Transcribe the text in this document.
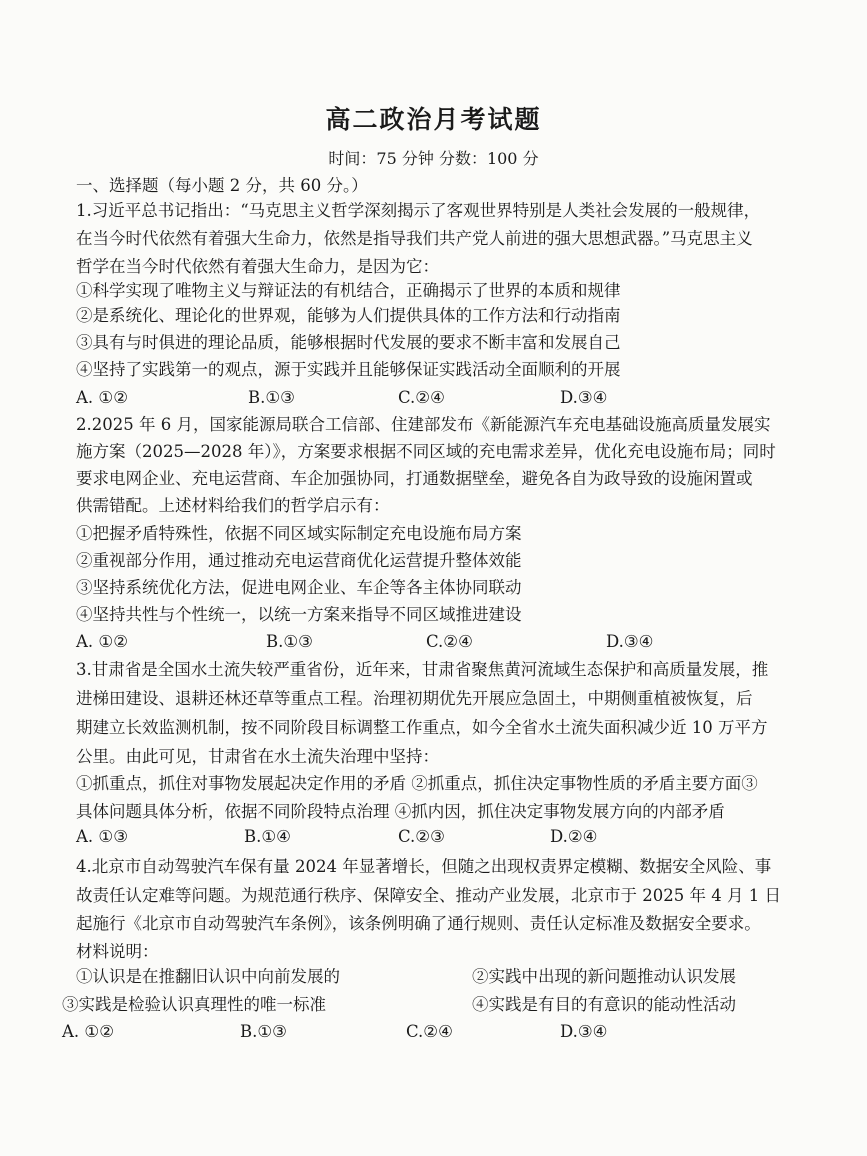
高二政治月考试题
时间：75 分钟 分数：100 分
一、选择题（每小题 2 分，共 60 分。）
1.习近平总书记指出：“马克思主义哲学深刻揭示了客观世界特别是人类社会发展的一般规律，
在当今时代依然有着强大生命力，依然是指导我们共产党人前进的强大思想武器。”马克思主义
哲学在当今时代依然有着强大生命力，是因为它：
①科学实现了唯物主义与辩证法的有机结合，正确揭示了世界的本质和规律
②是系统化、理论化的世界观，能够为人们提供具体的工作方法和行动指南
③具有与时俱进的理论品质，能够根据时代发展的要求不断丰富和发展自己
④坚持了实践第一的观点，源于实践并且能够保证实践活动全面顺利的开展
A. ①②	B.①③	C.②④	D.③④
2.2025 年 6 月，国家能源局联合工信部、住建部发布《新能源汽车充电基础设施高质量发展实
施方案（2025—2028 年）》，方案要求根据不同区域的充电需求差异，优化充电设施布局；同时
要求电网企业、充电运营商、车企加强协同，打通数据壁垒，避免各自为政导致的设施闲置或
供需错配。上述材料给我们的哲学启示有：
①把握矛盾特殊性，依据不同区域实际制定充电设施布局方案
②重视部分作用，通过推动充电运营商优化运营提升整体效能
③坚持系统优化方法，促进电网企业、车企等各主体协同联动
④坚持共性与个性统一，以统一方案来指导不同区域推进建设
A. ①②	B.①③	C.②④	D.③④
3.甘肃省是全国水土流失较严重省份，近年来，甘肃省聚焦黄河流域生态保护和高质量发展，推
进梯田建设、退耕还林还草等重点工程。治理初期优先开展应急固土，中期侧重植被恢复，后
期建立长效监测机制，按不同阶段目标调整工作重点，如今全省水土流失面积减少近 10 万平方
公里。由此可见，甘肃省在水土流失治理中坚持：
①抓重点，抓住对事物发展起决定作用的矛盾 ②抓重点，抓住决定事物性质的矛盾主要方面③
具体问题具体分析，依据不同阶段特点治理 ④抓内因，抓住决定事物发展方向的内部矛盾
A. ①③	B.①④	C.②③	D.②④
4.北京市自动驾驶汽车保有量 2024 年显著增长，但随之出现权责界定模糊、数据安全风险、事
故责任认定难等问题。为规范通行秩序、保障安全、推动产业发展，北京市于 2025 年 4 月 1 日
起施行《北京市自动驾驶汽车条例》，该条例明确了通行规则、责任认定标准及数据安全要求。
材料说明：
①认识是在推翻旧认识中向前发展的	②实践中出现的新问题推动认识发展
③实践是检验认识真理性的唯一标准	④实践是有目的有意识的能动性活动
A. ①②	B.①③	C.②④	D.③④
